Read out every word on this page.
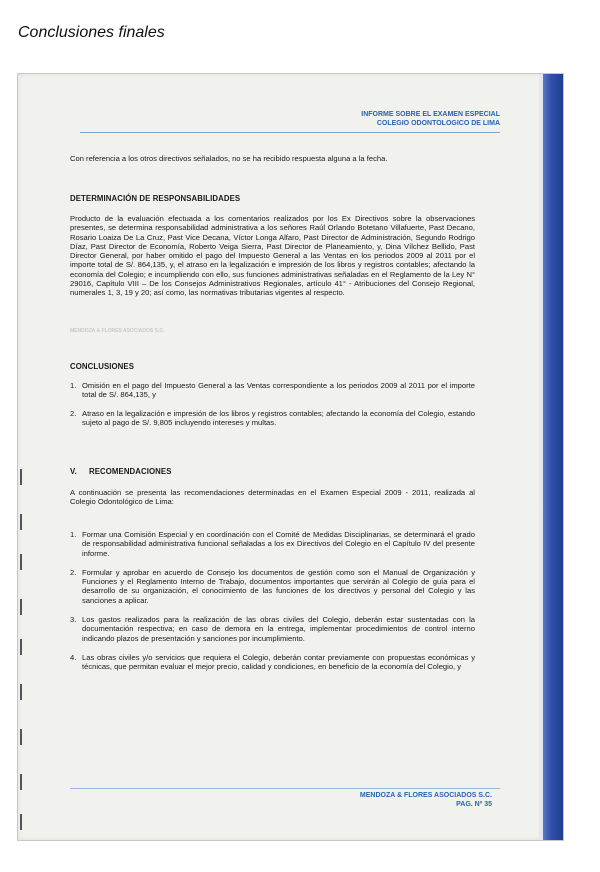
Conclusiones finales
INFORME SOBRE EL EXAMEN ESPECIAL
COLEGIO ODONTOLOGICO DE LIMA
Con referencia a los otros directivos señalados, no se ha recibido respuesta alguna a la fecha.
DETERMINACIÓN DE RESPONSABILIDADES
Producto de la evaluación efectuada a los comentarios realizados por los Ex Directivos sobre la observaciones presentes, se determina responsabilidad administrativa a los señores Raúl Orlando Botetano Villafuerte, Past Decano, Rosario Loaiza De La Cruz, Past Vice Decana, Víctor Longa Alfaro, Past Director de Administración, Segundo Rodrigo Díaz, Past Director de Economía, Roberto Veiga Sierra, Past Director de Planeamiento, y, Dina Vílchez Bellido, Past Director General, por haber omitido el pago del Impuesto General a las Ventas en los periodos 2009 al 2011 por el importe total de S/. 864,135, y, el atraso en la legalización e impresión de los libros y registros contables; afectando la economía del Colegio; e incumpliendo con ello, sus funciones administrativas señaladas en el Reglamento de la Ley N° 29016, Capítulo VIII – De los Consejos Administrativos Regionales, artículo 41° - Atribuciones del Consejo Regional, numerales 1, 3, 19 y 20; así como, las normativas tributarias vigentes al respecto.
MENDOZA & FLORES ASOCIADOS S.C.
CONCLUSIONES
1. Omisión en el pago del Impuesto General a las Ventas correspondiente a los periodos 2009 al 2011 por el importe total de S/. 864,135, y
2. Atraso en la legalización e impresión de los libros y registros contables; afectando la economía del Colegio, estando sujeto al pago de S/. 9,805 incluyendo intereses y multas.
V. RECOMENDACIONES
A continuación se presenta las recomendaciones determinadas en el Examen Especial 2009 - 2011, realizada al Colegio Odontológico de Lima:
1. Formar una Comisión Especial y en coordinación con el Comité de Medidas Disciplinarias, se determinará el grado de responsabilidad administrativa funcional señaladas a los ex Directivos del Colegio en el Capítulo IV del presente informe.
2. Formular y aprobar en acuerdo de Consejo los documentos de gestión como son el Manual de Organización y Funciones y el Reglamento Interno de Trabajo, documentos importantes que servirán al Colegio de guía para el desarrollo de su organización, el conocimiento de las funciones de los directivos y personal del Colegio y las sanciones a aplicar.
3. Los gastos realizados para la realización de las obras civiles del Colegio, deberán estar sustentadas con la documentación respectiva; en caso de demora en la entrega, implementar procedimientos de control interno indicando plazos de presentación y sanciones por incumplimiento.
4. Las obras civiles y/o servicios que requiera el Colegio, deberán contar previamente con propuestas económicas y técnicas, que permitan evaluar el mejor precio, calidad y condiciones, en beneficio de la economía del Colegio, y
MENDOZA & FLORES ASOCIADOS S.C.
PAG. Nº 35
